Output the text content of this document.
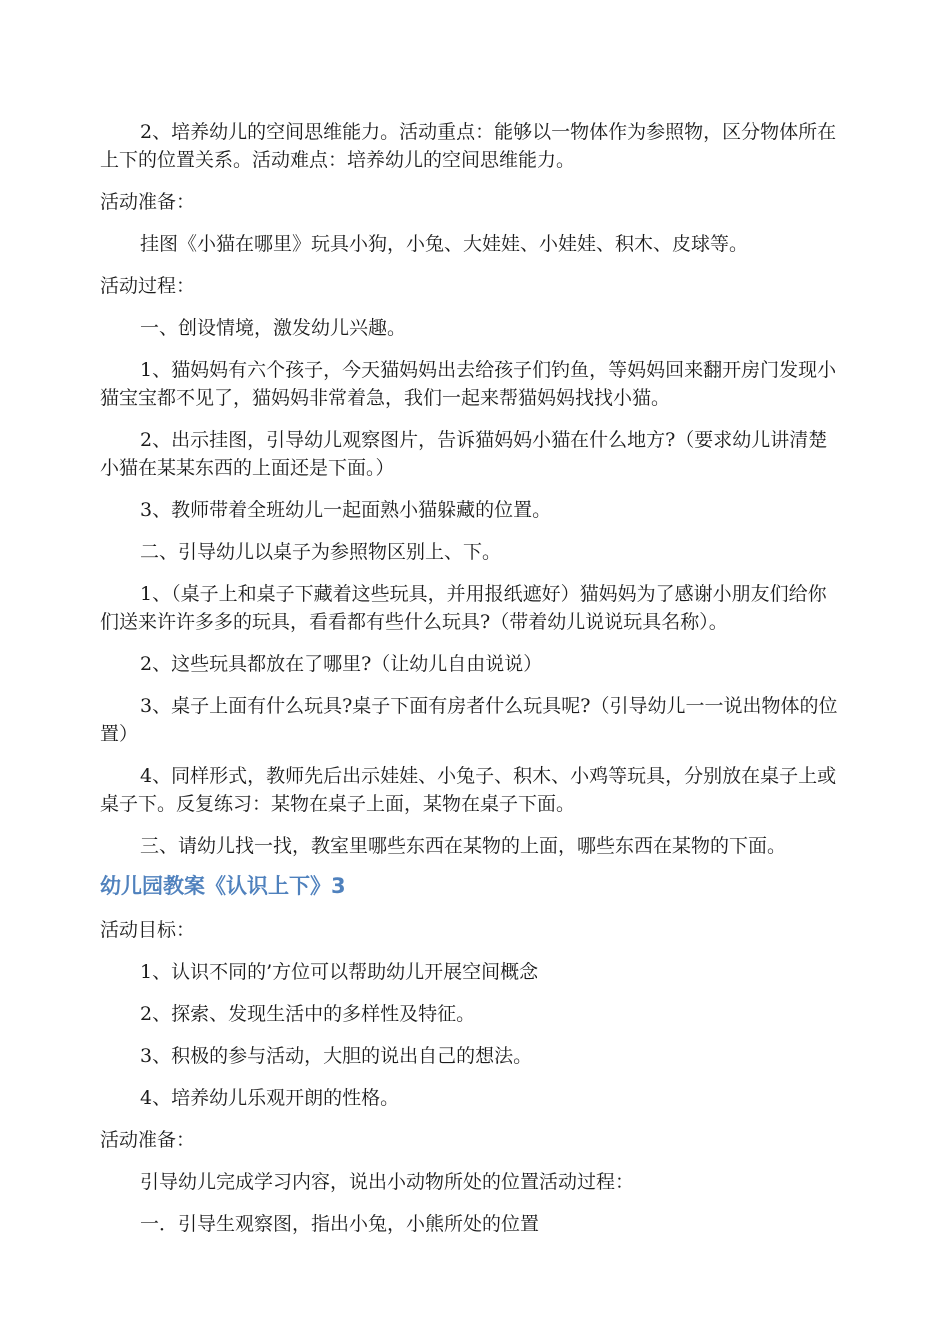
2、培养幼儿的空间思维能力。活动重点：能够以一物体作为参照物，区分物体所在上下的位置关系。活动难点：培养幼儿的空间思维能力。

活动准备：

挂图《小猫在哪里》玩具小狗，小兔、大娃娃、小娃娃、积木、皮球等。

活动过程：

一、创设情境，激发幼儿兴趣。

1、猫妈妈有六个孩子，今天猫妈妈出去给孩子们钓鱼，等妈妈回来翻开房门发现小猫宝宝都不见了，猫妈妈非常着急，我们一起来帮猫妈妈找找小猫。

2、出示挂图，引导幼儿观察图片，告诉猫妈妈小猫在什么地方?（要求幼儿讲清楚小猫在某某东西的上面还是下面。）

3、教师带着全班幼儿一起面熟小猫躲藏的位置。

二、引导幼儿以桌子为参照物区别上、下。

1、（桌子上和桌子下藏着这些玩具，并用报纸遮好）猫妈妈为了感谢小朋友们给你们送来许许多多的玩具，看看都有些什么玩具?（带着幼儿说说玩具名称）。

2、这些玩具都放在了哪里?（让幼儿自由说说）

3、桌子上面有什么玩具?桌子下面有房者什么玩具呢?（引导幼儿一一说出物体的位置）

4、同样形式，教师先后出示娃娃、小兔子、积木、小鸡等玩具，分别放在桌子上或桌子下。反复练习：某物在桌子上面，某物在桌子下面。

三、请幼儿找一找，教室里哪些东西在某物的上面，哪些东西在某物的下面。

幼儿园教案《认识上下》3

活动目标：

1、认识不同的’方位可以帮助幼儿开展空间概念

2、探索、发现生活中的多样性及特征。

3、积极的参与活动，大胆的说出自己的想法。

4、培养幼儿乐观开朗的性格。

活动准备：

引导幼儿完成学习内容，说出小动物所处的位置活动过程：

一．引导生观察图，指出小兔，小熊所处的位置
